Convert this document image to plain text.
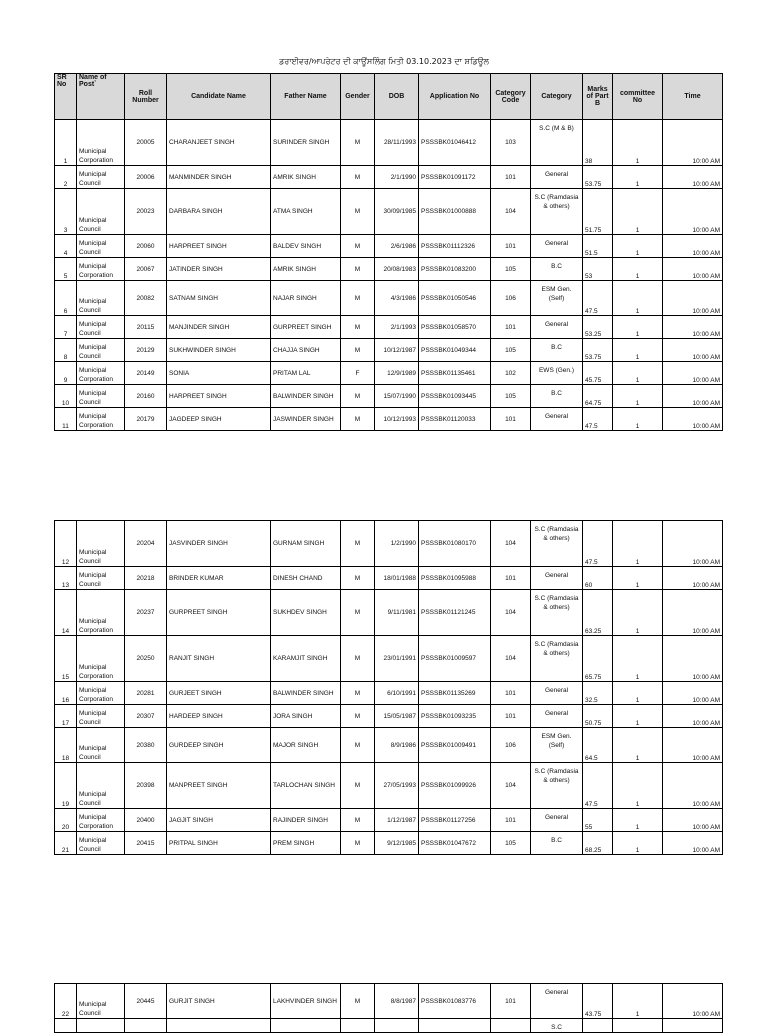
ਡਰਾਈਵਰ/ਆਪਰੇਟਰ ਦੀ ਕਾਊਂਸਲਿੰਗ ਮਿਤੀ 03.10.2023 ਦਾ ਸ਼ਡਿਊਲ
SR No	Name of Post`	Roll Number	Candidate Name	Father Name	Gender	DOB	Application No	Category Code	Category	Marks of Part B	committee No	Time
1	Municipal Corporation	20005	CHARANJEET SINGH	SURINDER SINGH	M	28/11/1993	PSSSBK01046412	103	S.C (M & B)	38	1	10:00 AM
2	Municipal Council	20006	MANMINDER SINGH	AMRIK SINGH	M	2/1/1990	PSSSBK01091172	101	General	53.75	1	10:00 AM
3	Municipal Council	20023	DARBARA SINGH	ATMA SINGH	M	30/09/1985	PSSSBK01000888	104	S.C (Ramdasia & others)	51.75	1	10:00 AM
4	Municipal Council	20060	HARPREET SINGH	BALDEV SINGH	M	2/6/1986	PSSSBK01112326	101	General	51.5	1	10:00 AM
5	Municipal Corporation	20067	JATINDER SINGH	AMRIK SINGH	M	20/08/1983	PSSSBK01083200	105	B.C	53	1	10:00 AM
6	Municipal Council	20082	SATNAM SINGH	NAJAR SINGH	M	4/3/1986	PSSSBK01050546	106	ESM Gen. (Self)	47.5	1	10:00 AM
7	Municipal Council	20115	MANJINDER SINGH	GURPREET SINGH	M	2/1/1993	PSSSBK01058570	101	General	53.25	1	10:00 AM
8	Municipal Council	20129	SUKHWINDER SINGH	CHAJJA SINGH	M	10/12/1987	PSSSBK01049344	105	B.C	53.75	1	10:00 AM
9	Municipal Corporation	20149	SONIA	PRITAM LAL	F	12/9/1989	PSSSBK01135461	102	EWS (Gen.)	45.75	1	10:00 AM
10	Municipal Council	20160	HARPREET SINGH	BALWINDER SINGH	M	15/07/1990	PSSSBK01093445	105	B.C	64.75	1	10:00 AM
11	Municipal Corporation	20179	JAGDEEP SINGH	JASWINDER SINGH	M	10/12/1993	PSSSBK01120033	101	General	47.5	1	10:00 AM
12	Municipal Council	20204	JASVINDER SINGH	GURNAM SINGH	M	1/2/1990	PSSSBK01080170	104	S.C (Ramdasia & others)	47.5	1	10:00 AM
13	Municipal Council	20218	BRINDER KUMAR	DINESH CHAND	M	18/01/1988	PSSSBK01095988	101	General	60	1	10:00 AM
14	Municipal Corporation	20237	GURPREET SINGH	SUKHDEV SINGH	M	9/11/1981	PSSSBK01121245	104	S.C (Ramdasia & others)	63.25	1	10:00 AM
15	Municipal Corporation	20250	RANJIT SINGH	KARAMJIT SINGH	M	23/01/1991	PSSSBK01009597	104	S.C (Ramdasia & others)	65.75	1	10:00 AM
16	Municipal Corporation	20281	GURJEET SINGH	BALWINDER SINGH	M	6/10/1991	PSSSBK01135269	101	General	32.5	1	10:00 AM
17	Municipal Council	20307	HARDEEP SINGH	JORA SINGH	M	15/05/1987	PSSSBK01093235	101	General	50.75	1	10:00 AM
18	Municipal Council	20380	GURDEEP SINGH	MAJOR SINGH	M	8/9/1986	PSSSBK01009491	106	ESM Gen. (Self)	64.5	1	10:00 AM
19	Municipal Council	20398	MANPREET SINGH	TARLOCHAN SINGH	M	27/05/1993	PSSSBK01099926	104	S.C (Ramdasia & others)	47.5	1	10:00 AM
20	Municipal Corporation	20400	JAGJIT SINGH	RAJINDER SINGH	M	1/12/1987	PSSSBK01127256	101	General	55	1	10:00 AM
21	Municipal Council	20415	PRITPAL SINGH	PREM SINGH	M	9/12/1985	PSSSBK01047672	105	B.C	68.25	1	10:00 AM
22	Municipal Council	20445	GURJIT SINGH	LAKHVINDER SINGH	M	8/8/1987	PSSSBK01083776	101	General	43.75	1	10:00 AM
									S.C			
